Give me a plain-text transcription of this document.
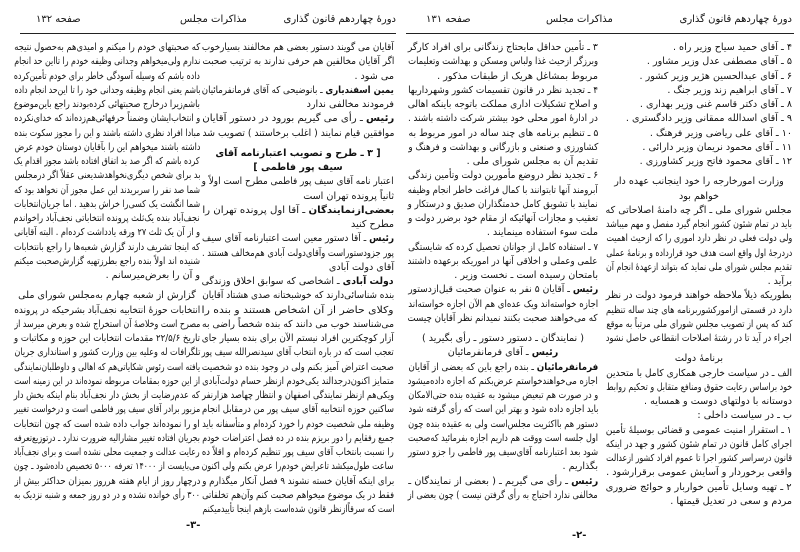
دورهٔ چهاردهم قانون گذاری
مذاکرات مجلس
صفحه ۱۳۱
۴ ـ آقای حمید سیاح وزیر راه .
۵ ـ آقای مصطفی عدل وزیر مشاور .
۶ ـ آقای عبدالحسین هژیر وزیر کشور .
۷ ـ آقای ابراهیم زند وزیر جنگ .
۸ ـ آقای دکتر قاسم غنی وزیر بهداری .
۹ ـ آقای اسدالله ممقانی وزیر دادگستری .
۱۰ ـ آقای علی ریاضی وزیر فرهنگ .
۱۱ ـ آقای محمود نریمان وزیر دارائی .
۱۲ ـ آقای محمود فاتح وزیر کشاورزی .
وزارت امورخارجه را خود اینجانب عهده دار
خواهم بود
مجلس شورای ملی ـ اگر چه دامنهٔ اصلاحاتی که
باید در تمام شئون کشور انجام گیرد مفصل و مهم میباشد
ولی دولت فعلی در نظر دارد اموری را که ازحیث اهمیت
دردرجهٔ اول واقع است هدف خود قرارداده و برنامهٔ عملی
تقدیم مجلس شورای ملی نماید که بتواند ازعهدهٔ انجام آن
برآید .
بطوریکه ذیلاً ملاحظه خواهند فرمود دولت در نظر
دارد در قسمتی ازامورکشوربرنامه های چند ساله تنظیم
کند که پس از تصویب مجلس شورای ملی مرتباً به موقع
اجراء در آید تا در رشتهٔ اصلاحات انقطاعی حاصل نشود
برنامهٔ دولت
الف ـ در سیاست خارجی همکاری کامل با متحدین
خود براساس رعایت حقوق ومنافع متقابل و تحکیم روابط
دوستانه با دولتهای دوست و همسایه .
ب ـ در سیاست داخلی :
۱ ـ استقرار امنیت عمومی و قضائی بوسیلهٔ تأمین
اجرای کامل قانون در تمام شئون کشور و جهد در اینکه
قانون درسراسر کشور اجرا تا عموم افراد کشور ازعدالت
واقعی برخوردار و آسایش عمومی برقرارشود .
۲ ـ تهیه وسایل تأمین خواربار و حوائج ضروری
مردم و سعی در تعدیل قیمتها .
۳ ـ تأمین حداقل مایحتاج زندگانی برای افراد کارگر
وبرزگر ازحیث غذا ولباس ومسکن و بهداشت وتعلیمات
مربوط بمشاغل هریک از طبقات مذکور .
۴ ـ تجدید نظر در قانون تقسیمات کشور وشهرداریها
و اصلاح تشکیلات اداری مملکت باتوجه باینکه اهالی
در ادارهٔ امور محلی خود بیشتر شرکت داشته باشند .
۵ ـ تنظیم برنامه های چند ساله در امور مربوط به
کشاورزی و صنعتی و بازرگانی و بهداشت و فرهنگ و
تقدیم آن به مجلس شورای ملی .
۶ ـ تجدید نظر دروضع مأمورین دولت وتأمین زندگی
آبرومند آنها تابتوانند با کمال فراغت خاطر انجام وظیفه
نمایند با تشویق کامل خدمتگذاران صدیق و درستکار و
تعقیب و مجازات آنهائیکه از مقام خود برضرر دولت و
ملت سوء استفاده مینمایند .
۷ ـ استفاده کامل از جوانان تحصیل کرده که شایستگی
علمی وعملی و اخلاقی آنها در اموریکه برعهده داشتند
بامتحان رسیده است ـ نخست وزیر .
رئیس ـ آقایان ۵ نفر به عنوان صحبت قبل‌ازدستور
اجازه خواسته‌اند ویک عده‌ای هم الآن اجازه خواسته‌اند
که می‌خواهند صحبت بکنند نمیدانم نظر آقایان چیست
( نمایندگان ـ دستور دستور ـ رأی بگیرید )
رئیس ـ آقای فرمانفرمائیان
فرمانفرمائیان ـ بنده راجع باین که بعضی از آقایان
اجازه می‌خواهندخواستم عرض‌بکنم که اجازه داده‌میشود
و در صورت هم تبعیض میشود به عقیده بنده حتی‌الامکان
باید اجازه داده شود و بهتر این است که رأی گرفته شود
دستور هم بااکثریت مجلس‌است ولی به عقیده بنده چون
اول جلسه است ووقت هم داریم اجازه بفرمائید که‌صحبت
شود بعد اعتبارنامه آقای‌سیف پور فاطمی را جزو دستور
بگذاریم .
رئیس ـ رأی می گیریم ـ ( بعضی از نمایندگان ـ
مخالفی ندارد احتیاج به رأی گرفتن نیست ) چون بعضی از
-۲-
دورهٔ چهاردهم قانون گذاری
مذاکرات مجلس
صفحه ۱۳۲
آقایان می گویند دستور بعضی هم مخالفند بسیارخوب
اگر آقایان مخالفین هم حرفی ندارند به ترتیب صحبت
می شود .
یمین اسفندیاری ـ بانوضیحی که آقای فرمانفرمائیان
فرمودند مخالفی ندارد
رئیس ـ رأی می گیریم بورود در دستور آقایان
موافقین قیام نمایند ( اغلب برخاستند ) تصویب شد
[ ۳ ـ طرح و تصویب اعتبارنامه آقای
سیف پور فاطمی ]
اعتبار نامه آقای سیف پور فاطمی مطرح است اولاً و
ثانیاً پرونده تهران است
بعضی‌ازنمایندگان ـ آقا اول پرونده تهران را
مطرح کنید
رئیس ـ آقا دستور معین است اعتبارنامه آقای سیف
پور جزودستوراست وآقای‌دولت آبادی هم‌مخالف هستند .
آقای دولت آبادی
دولت آبادی ـ اشخاصی که سوابق اخلاق وزندگی
بنده شناسائی‌دارند که خوشبختانه صدی هشتاد آقایان
وکلای حاضر از آن اشخاص هستند و بنده را
می‌شناسند خوب می دانند که بنده شخصاً راضی به
آزار کوچکترین افراد نیستم الآن برای بنده بسیار جای
تعجب است که در باره انتخاب آقای سیدنصرالله سیف پور
صحبت اعتراض آمیز بکنم ولی در وجود بنده دو شخصیت
متمایز اکنون‌درجدالند یکی‌خودم ازنظر حسام دولت‌آبادی
ویکی‌هم ازنظر نمایندگی اصفهان و انتظار چهاصد هزارنفر
ساکنین حوزه انتخابیه آقای سیف پور من درمقابل انجام
وظیفه ملی شخصیت خودم را خورد کرده‌ام و متأسفانه باید
جمیع رفقایم را دور بریزم بنده در ده فصل اعتراضات خودم
را نسبت بانتخاب آقای سیف پور تنظیم کرده‌ام و اقلاً ده
ساعت طول‌میکشد تاعرایض خودم‌را عرض بکنم ولی اکنون
برای اینکه آقایان خسته نشوند ۹ فصل آنکار میگذارم و
فقط در یک موضوع میخواهم صحبت کنم وآن‌هم تخلفاتی
است که سرقاًازنظر قانون شده‌است بازهم اینجا تأییدمیکنم
که صحبتهای خودم را میکنم و امیدی‌هم به‌حصول نتیجه
ندارم ولی‌میخواهم وجدانی وظیفه خودم را تااین حد انجام
داده باشم که وسیله آسودگی خاطر برای خودم تأمین‌کرده
باشم یعنی انجام وظیفه وجدانی خود را تا این‌حد انجام داده
باشم‌زیرا درخارج صحبتهائی کرده‌بودند راجع باین‌موضوع
و انتخاب‌ایشان وضمناً حرفهائی‌هم‌زده‌اند که خدای‌نکرده
مبادا افراد نظری داشته باشند و این را مجوز سکوت بنده
داشته باشند میخواهم این را بآقایان دوستان خودم عرض
کرده باشم که اگر صد بد اتفاق افتاده باشد مجوز اقدام یک
بد برای شخص دیگری‌نخواهدشد‌یعنی عقلاً اگر درمجلس
شما صد نفر را سربریدند این عمل مجوز آن نخواهد بود که
شما انگشت یک کسی‌را خراش بدهید . اما جریان‌انتخابات
نجف‌آباد بنده یک‌ثلث پرونده انتخاباتی نجف‌آباد راخواندم
و از آن یک ثلث ۲۷ ورقه یادداشت کرده‌ام . البته آقایانی
که اینجا تشریف دارند گزارش شعبه‌ها را راجع بانتخابات
شنیده اند اولاً بنده راجع بطرزتهیه گزارش‌صحبت میکنم
و آن را بعرض‌میرسانم .
گزارش از شعبه چهارم به‌مجلس شورای ملی
انتخابات حوزهٔ انتخابیه نجف‌آباد بشرحیکه در پرونده
مصرح است وخلاصهٔ آن استخراج شده و بعرض میرسد از
تاریخ ۲۲/۵/۶ مقدمات انتخابات این حوزه و مکاتبات و
تلگرافات له وعلیه بین وزارت کشور و استانداری جریان
یافته است رئوس شکایاتی‌هم که اهالی و داوطلبان‌نمایندگی
از این حوزه بمقامات مربوطه نموده‌اند در این زمینه است
که عدم‌رضایت از بخش دار نجف‌آباد بنام اینکه بخش دار
مزبور برادر آقای سیف پور فاطمی است و درخواست تغییر
او را نموده‌اند جواب داده شده است که چون انتخابات
بجریان افتاده تغییر مشارالیه ضرورت ندارد ـ درتوزیع‌تعرفه
رعایت عدالت و جمعیت محلی نشده است و برای نجف‌آباد
می‌بایست از ۱۴۰۰۰ تعرفه ۵۰۰۰ تخصیص داده‌شود ـ چون
درچهار روز از ایام هفته هرروز بمیزان حداکثر بیش از
۳۰۰ رأی خوانده نشده و در دو روز جمعه و شنبه نزدیک به
-۳-
